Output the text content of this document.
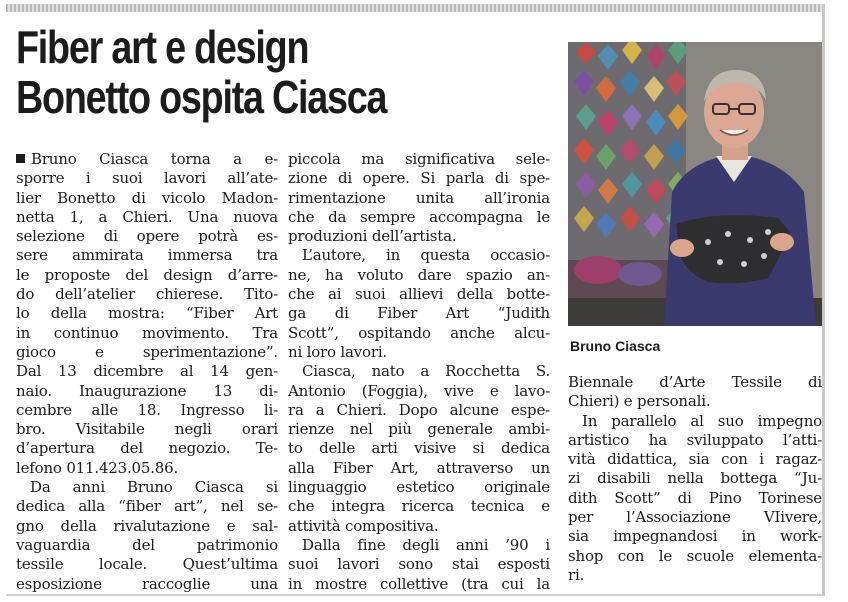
Fiber art e design
Bonetto ospita Ciasca
Bruno Ciasca torna a e-
sporre i suoi lavori all’ate-
lier Bonetto di vicolo Madon-
netta 1, a Chieri. Una nuova
selezione di opere potrà es-
sere ammirata immersa tra
le proposte del design d’arre-
do dell’atelier chierese. Tito-
lo della mostra: “Fiber Art
in continuo movimento. Tra
gioco e sperimentazione”.
Dal 13 dicembre al 14 gen-
naio. Inaugurazione 13 di-
cembre alle 18. Ingresso li-
bro. Visitabile negli orari
d’apertura del negozio. Te-
lefono 011.423.05.86.
Da anni Bruno Ciasca si
dedica alla “fiber art”, nel se-
gno della rivalutazione e sal-
vaguardia del patrimonio
tessile locale. Quest’ultima
esposizione raccoglie una
piccola ma significativa sele-
zione di opere. Si parla di spe-
rimentazione unita all’ironia
che da sempre accompagna le
produzioni dell’artista.
L’autore, in questa occasio-
ne, ha voluto dare spazio an-
che ai suoi allievi della botte-
ga di Fiber Art “Judith
Scott”, ospitando anche alcu-
ni loro lavori.
Ciasca, nato a Rocchetta S.
Antonio (Foggia), vive e lavo-
ra a Chieri. Dopo alcune espe-
rienze nel più generale ambi-
to delle arti visive si dedica
alla Fiber Art, attraverso un
linguaggio estetico originale
che integra ricerca tecnica e
attività compositiva.
Dalla fine degli anni ’90 i
suoi lavori sono stai esposti
in mostre collettive (tra cui la
Bruno Ciasca
Biennale d’Arte Tessile di
Chieri) e personali.
In parallelo al suo impegno
artistico ha sviluppato l’atti-
vità didattica, sia con i ragaz-
zi disabili nella bottega “Ju-
dith Scott” di Pino Torinese
per l’Associazione VIivere,
sia impegnandosi in work-
shop con le scuole elementa-
ri.
